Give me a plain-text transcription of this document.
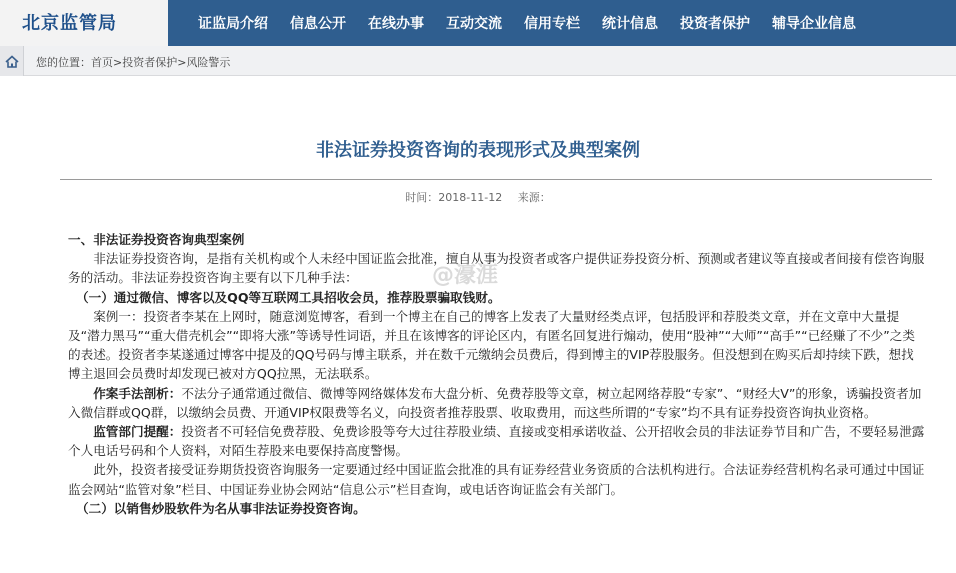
北京监管局	证监局介绍 信息公开 在线办事 互动交流 信用专栏 统计信息 投资者保护 辅导企业信息
您的位置：首页>投资者保护>风险警示
非法证券投资咨询的表现形式及典型案例
时间：2018-11-12 来源：

一、非法证券投资咨询典型案例

　　非法证券投资咨询，是指有关机构或个人未经中国证监会批准，擅自从事为投资者或客户提供证券投资分析、预测或者建议等直接或者间接有偿咨询服务的活动。非法证券投资咨询主要有以下几种手法：

（一）通过微信、博客以及QQ等互联网工具招收会员，推荐股票骗取钱财。

　　案例一：投资者李某在上网时，随意浏览博客，看到一个博主在自己的博客上发表了大量财经类点评，包括股评和荐股类文章，并在文章中大量提及“潜力黑马”“重大借壳机会”“即将大涨”等诱导性词语，并且在该博客的评论区内，有匿名回复进行煽动，使用“股神”“大师”“高手”“已经赚了不少”之类的表述。投资者李某遂通过博客中提及的QQ号码与博主联系，并在数千元缴纳会员费后，得到博主的VIP荐股服务。但没想到在购买后却持续下跌，想找博主退回会员费时却发现已被对方QQ拉黑，无法联系。

　　作案手法剖析：不法分子通常通过微信、微博等网络媒体发布大盘分析、免费荐股等文章，树立起网络荐股“专家”、“财经大V”的形象，诱骗投资者加入微信群或QQ群，以缴纳会员费、开通VIP权限费等名义，向投资者推荐股票、收取费用，而这些所谓的“专家”均不具有证券投资咨询执业资格。

　　监管部门提醒：投资者不可轻信免费荐股、免费诊股等夸大过往荐股业绩、直接或变相承诺收益、公开招收会员的非法证券节目和广告，不要轻易泄露个人电话号码和个人资料，对陌生荐股来电要保持高度警惕。

　　此外，投资者接受证券期货投资咨询服务一定要通过经中国证监会批准的具有证券经营业务资质的合法机构进行。合法证券经营机构名录可通过中国证监会网站“监管对象”栏目、中国证券业协会网站“信息公示”栏目查询，或电话咨询证监会有关部门。

（二）以销售炒股软件为名从事非法证券投资咨询。

@濠涯
